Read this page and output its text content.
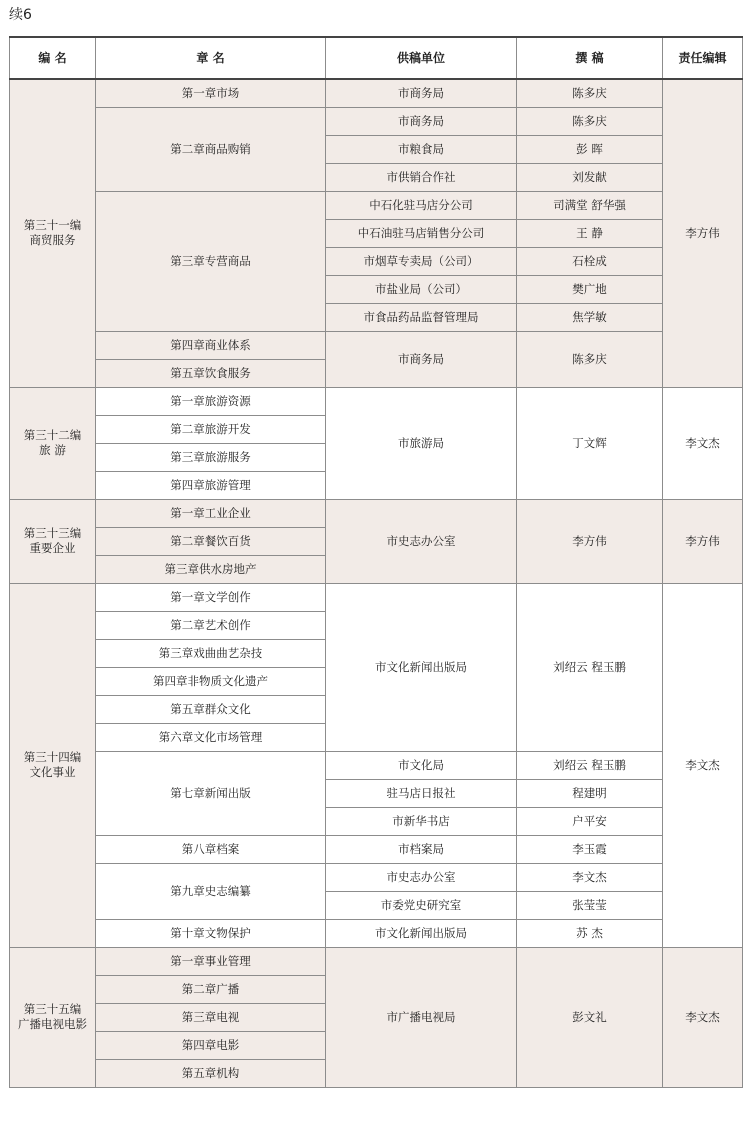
续6
编 名	章 名	供稿单位	撰 稿	责任编辑
第三十一编
商贸服务	第一章市场	市商务局	陈多庆	李方伟
	第二章商品购销	市商务局	陈多庆	
		市粮食局	彭 晖	
		市供销合作社	刘发献	
	第三章专营商品	中石化驻马店分公司	司满堂 舒华强	
		中石油驻马店销售分公司	王 静	
		市烟草专卖局（公司）	石栓成	
		市盐业局（公司）	樊广地	
		市食品药品监督管理局	焦学敏	
	第四章商业体系	市商务局	陈多庆	
	第五章饮食服务			
第三十二编
旅 游	第一章旅游资源	市旅游局	丁文辉	李文杰
	第二章旅游开发			
	第三章旅游服务			
	第四章旅游管理			
第三十三编
重要企业	第一章工业企业	市史志办公室	李方伟	李方伟
	第二章餐饮百货			
	第三章供水房地产			
第三十四编
文化事业	第一章文学创作	市文化新闻出版局	刘绍云 程玉鹏	李文杰
	第二章艺术创作			
	第三章戏曲曲艺杂技			
	第四章非物质文化遗产			
	第五章群众文化			
	第六章文化市场管理			
	第七章新闻出版	市文化局	刘绍云 程玉鹏	
		驻马店日报社	程建明	
		市新华书店	户平安	
	第八章档案	市档案局	李玉霞	
	第九章史志编纂	市史志办公室	李文杰	
		市委党史研究室	张莹莹	
	第十章文物保护	市文化新闻出版局	苏 杰	
第三十五编
广播电视电影	第一章事业管理	市广播电视局	彭文礼	李文杰
	第二章广播			
	第三章电视			
	第四章电影			
	第五章机构			
